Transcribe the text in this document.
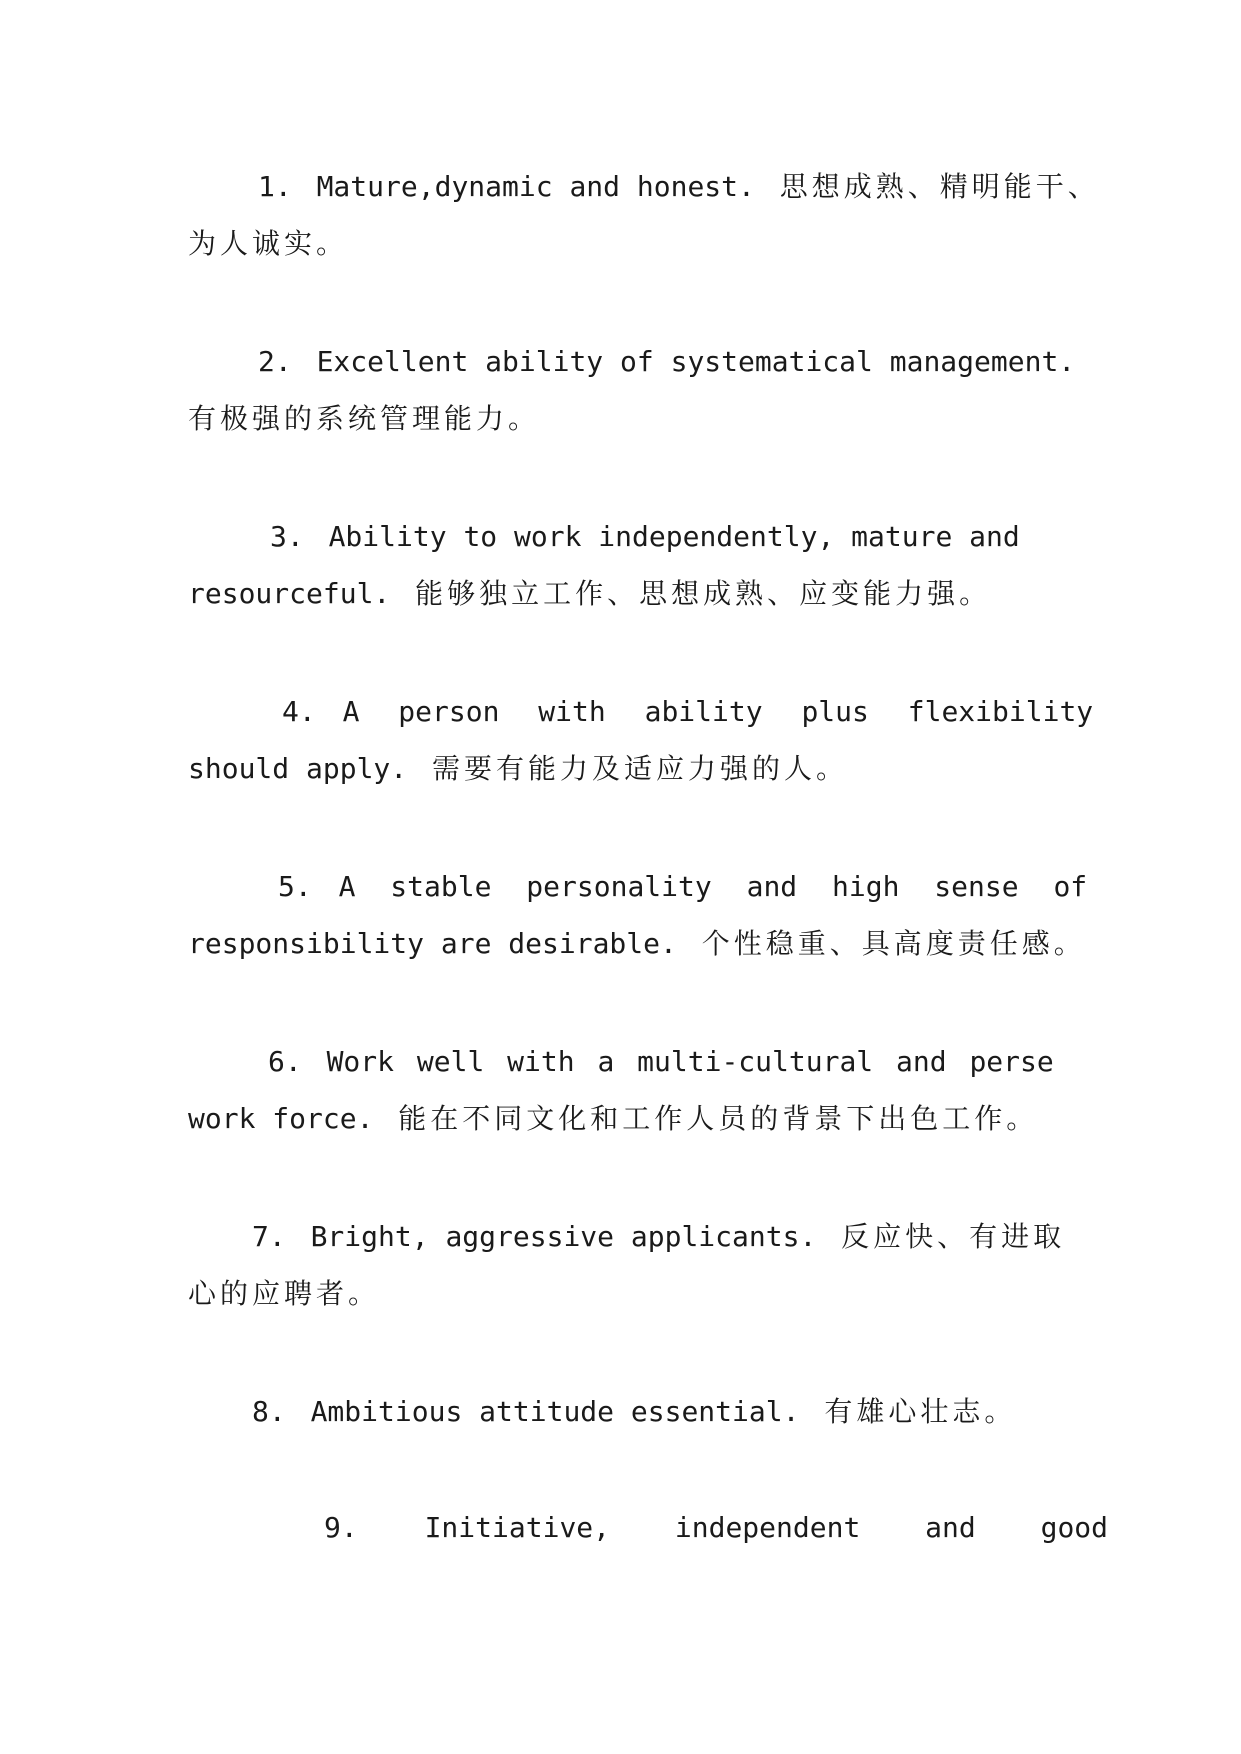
1. Mature,dynamic and honest. 思想成熟、精明能干、
为人诚实。
2. Excellent ability of systematical management.
有极强的系统管理能力。
3. Ability to work independently, mature and
resourceful. 能够独立工作、思想成熟、应变能力强。
4. A person with ability plus flexibility
should apply. 需要有能力及适应力强的人。
5. A stable personality and high sense of
responsibility are desirable. 个性稳重、具高度责任感。
6. Work well with a multi-cultural and perse
work force. 能在不同文化和工作人员的背景下出色工作。
7. Bright, aggressive applicants. 反应快、有进取
心的应聘者。
8. Ambitious attitude essential. 有雄心壮志。
9. Initiative, independent and good
